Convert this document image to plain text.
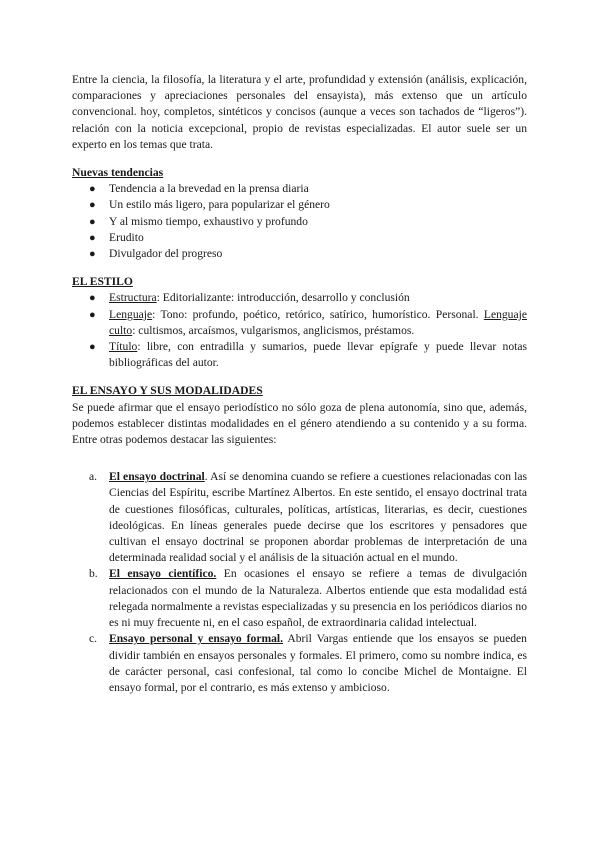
Entre la ciencia, la filosofía, la literatura y el arte, profundidad y extensión (análisis, explicación, comparaciones y apreciaciones personales del ensayista), más extenso que un artículo convencional. hoy, completos, sintéticos y concisos (aunque a veces son tachados de “ligeros”). relación con la noticia excepcional, propio de revistas especializadas. El autor suele ser un experto en los temas que trata.

Nuevas tendencias
● Tendencia a la brevedad en la prensa diaria
● Un estilo más ligero, para popularizar el género
● Y al mismo tiempo, exhaustivo y profundo
● Erudito
● Divulgador del progreso
EL ESTILO
● Estructura: Editorializante: introducción, desarrollo y conclusión
● Lenguaje: Tono: profundo, poético, retórico, satírico, humorístico. Personal. Lenguaje culto: cultismos, arcaísmos, vulgarismos, anglicismos, préstamos.
● Título: libre, con entradilla y sumarios, puede llevar epígrafe y puede llevar notas bibliográficas del autor.
EL ENSAYO Y SUS MODALIDADES

Se puede afirmar que el ensayo periodístico no sólo goza de plena autonomía, sino que, además, podemos establecer distintas modalidades en el género atendiendo a su contenido y a su forma. Entre otras podemos destacar las siguientes:

a. El ensayo doctrinal. Así se denomina cuando se refiere a cuestiones relacionadas con las Ciencias del Espíritu, escribe Martínez Albertos. En este sentido, el ensayo doctrinal trata de cuestiones filosóficas, culturales, políticas, artísticas, literarias, es decir, cuestiones ideológicas. En líneas generales puede decirse que los escritores y pensadores que cultivan el ensayo doctrinal se proponen abordar problemas de interpretación de una determinada realidad social y el análisis de la situación actual en el mundo.
b. El ensayo científico. En ocasiones el ensayo se refiere a temas de divulgación relacionados con el mundo de la Naturaleza. Albertos entiende que esta modalidad está relegada normalmente a revistas especializadas y su presencia en los periódicos diarios no es ni muy frecuente ni, en el caso español, de extraordinaria calidad intelectual.
c. Ensayo personal y ensayo formal. Abril Vargas entiende que los ensayos se pueden dividir también en ensayos personales y formales. El primero, como su nombre indica, es de carácter personal, casi confesional, tal como lo concibe Michel de Montaigne. El ensayo formal, por el contrario, es más extenso y ambicioso.
